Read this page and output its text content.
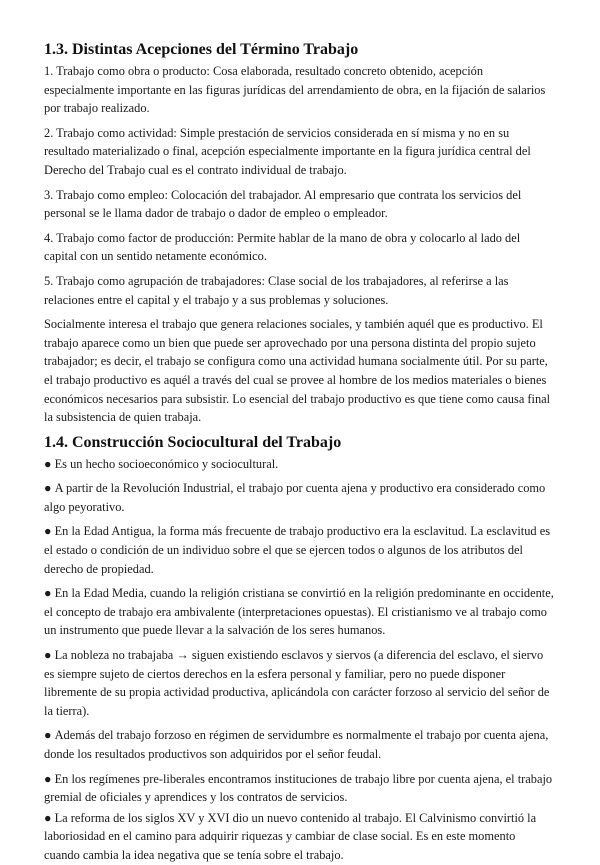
1.3. Distintas Acepciones del Término Trabajo

1. Trabajo como obra o producto: Cosa elaborada, resultado concreto obtenido, acepción especialmente importante en las figuras jurídicas del arrendamiento de obra, en la fijación de salarios por trabajo realizado.

2. Trabajo como actividad: Simple prestación de servicios considerada en sí misma y no en su resultado materializado o final, acepción especialmente importante en la figura jurídica central del Derecho del Trabajo cual es el contrato individual de trabajo.

3. Trabajo como empleo: Colocación del trabajador. Al empresario que contrata los servicios del personal se le llama dador de trabajo o dador de empleo o empleador.

4. Trabajo como factor de producción: Permite hablar de la mano de obra y colocarlo al lado del capital con un sentido netamente económico.

5. Trabajo como agrupación de trabajadores: Clase social de los trabajadores, al referirse a las relaciones entre el capital y el trabajo y a sus problemas y soluciones.

Socialmente interesa el trabajo que genera relaciones sociales, y también aquél que es productivo. El trabajo aparece como un bien que puede ser aprovechado por una persona distinta del propio sujeto trabajador; es decir, el trabajo se configura como una actividad humana socialmente útil. Por su parte, el trabajo productivo es aquél a través del cual se provee al hombre de los medios materiales o bienes económicos necesarios para subsistir. Lo esencial del trabajo productivo es que tiene como causa final la subsistencia de quien trabaja.

1.4. Construcción Sociocultural del Trabajo

● Es un hecho socioeconómico y sociocultural.

● A partir de la Revolución Industrial, el trabajo por cuenta ajena y productivo era considerado como algo peyorativo.

● En la Edad Antigua, la forma más frecuente de trabajo productivo era la esclavitud. La esclavitud es el estado o condición de un individuo sobre el que se ejercen todos o algunos de los atributos del derecho de propiedad.

● En la Edad Media, cuando la religión cristiana se convirtió en la religión predominante en occidente, el concepto de trabajo era ambivalente (interpretaciones opuestas). El cristianismo ve al trabajo como un instrumento que puede llevar a la salvación de los seres humanos.

● La nobleza no trabajaba → siguen existiendo esclavos y siervos (a diferencia del esclavo, el siervo es siempre sujeto de ciertos derechos en la esfera personal y familiar, pero no puede disponer libremente de su propia actividad productiva, aplicándola con carácter forzoso al servicio del señor de la tierra).

● Además del trabajo forzoso en régimen de servidumbre es normalmente el trabajo por cuenta ajena, donde los resultados productivos son adquiridos por el señor feudal.

● En los regímenes pre-liberales encontramos instituciones de trabajo libre por cuenta ajena, el trabajo gremial de oficiales y aprendices y los contratos de servicios.

● La reforma de los siglos XV y XVI dio un nuevo contenido al trabajo. El Calvinismo convirtió la laboriosidad en el camino para adquirir riquezas y cambiar de clase social. Es en este momento cuando cambia la idea negativa que se tenía sobre el trabajo.
